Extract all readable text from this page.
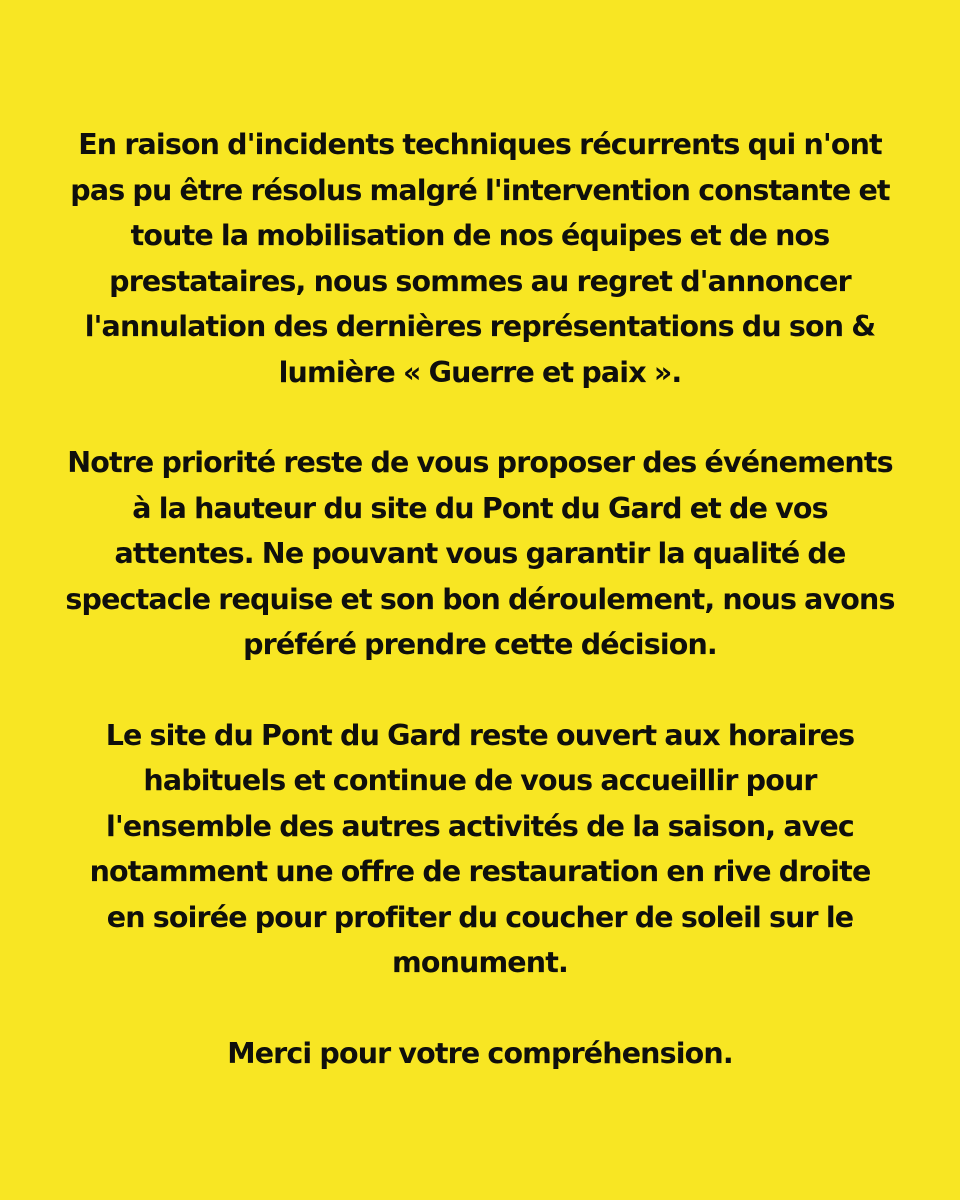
En raison d'incidents techniques récurrents qui n'ont
pas pu être résolus malgré l'intervention constante et
toute la mobilisation de nos équipes et de nos
prestataires, nous sommes au regret d'annoncer
l'annulation des dernières représentations du son &
lumière « Guerre et paix ».

Notre priorité reste de vous proposer des événements
à la hauteur du site du Pont du Gard et de vos
attentes. Ne pouvant vous garantir la qualité de
spectacle requise et son bon déroulement, nous avons
préféré prendre cette décision.

Le site du Pont du Gard reste ouvert aux horaires
habituels et continue de vous accueillir pour
l'ensemble des autres activités de la saison, avec
notamment une offre de restauration en rive droite
en soirée pour profiter du coucher de soleil sur le
monument.

Merci pour votre compréhension.
